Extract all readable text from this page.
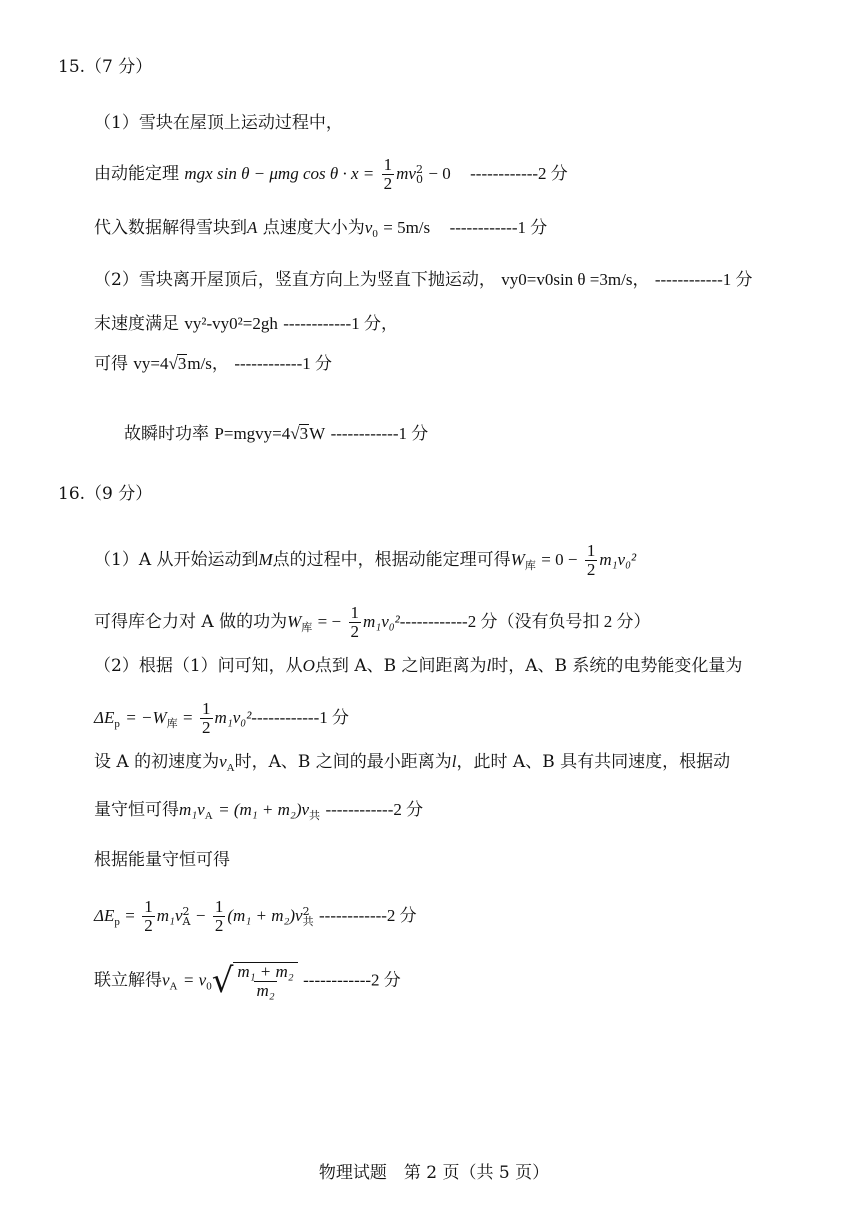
15.（7 分）
（1）雪块在屋顶上运动过程中，
由动能定理 mgx sin θ − μmg $\cos \theta \cdot x = \frac{1}{2}$ mv 2
0 − 0 ------------2 分
代入数据解得雪块到A 点速度大小为$v_0 = 5m/s$ ------------1 分
（2）雪块离开屋顶后，竖直方向上为竖直下抛运动， vy0=v0sin θ =3m/s， ------------1 分
末速度满足 vy²-vy0²=2gh ------------1 分，
可得 vy=4√3m/s， ------------1 分
故瞬时功率 P=mgvy=4√3W ------------1 分
16.（9 分）
（1）A 从开始运动到M点的过程中，根据动能定理可得$W_库 = 0 - \frac{1}{2} m_1v_0^2$
可得库仑力对 A 做的功为$W_库$ = − $\frac{1}{2} m_1v_0^2------------2$ 分（没有负号扣 2 分）
（2）根据（1）问可知，从O点到 A、B 之间距离为l时，A、B 系统的电势能变化量为
$\Delta E_p = -W_库 = \frac{1}{2} m_1v_0^2------------1$ 分
设 A 的初速度为$v_A$时，A、B 之间的最小距离为l，此时 A、B 具有共同速度，根据动
量守恒可得$m_1v_A = (m_1 + m_2)v_共$ ------------2 分
根据能量守恒可得
$\Delta E_p = \frac{1}{2} m_1v$ 2
$A - \frac{1}{2} (m_1 + m_2)v$ 2
共 ------------2 分
联立解得$v_A = v_0$ √ $\frac{\text{m₁ + m₂}}{\text{m₂}} ------------2$ 分
物理试题　第 2 页（共 5 页）
